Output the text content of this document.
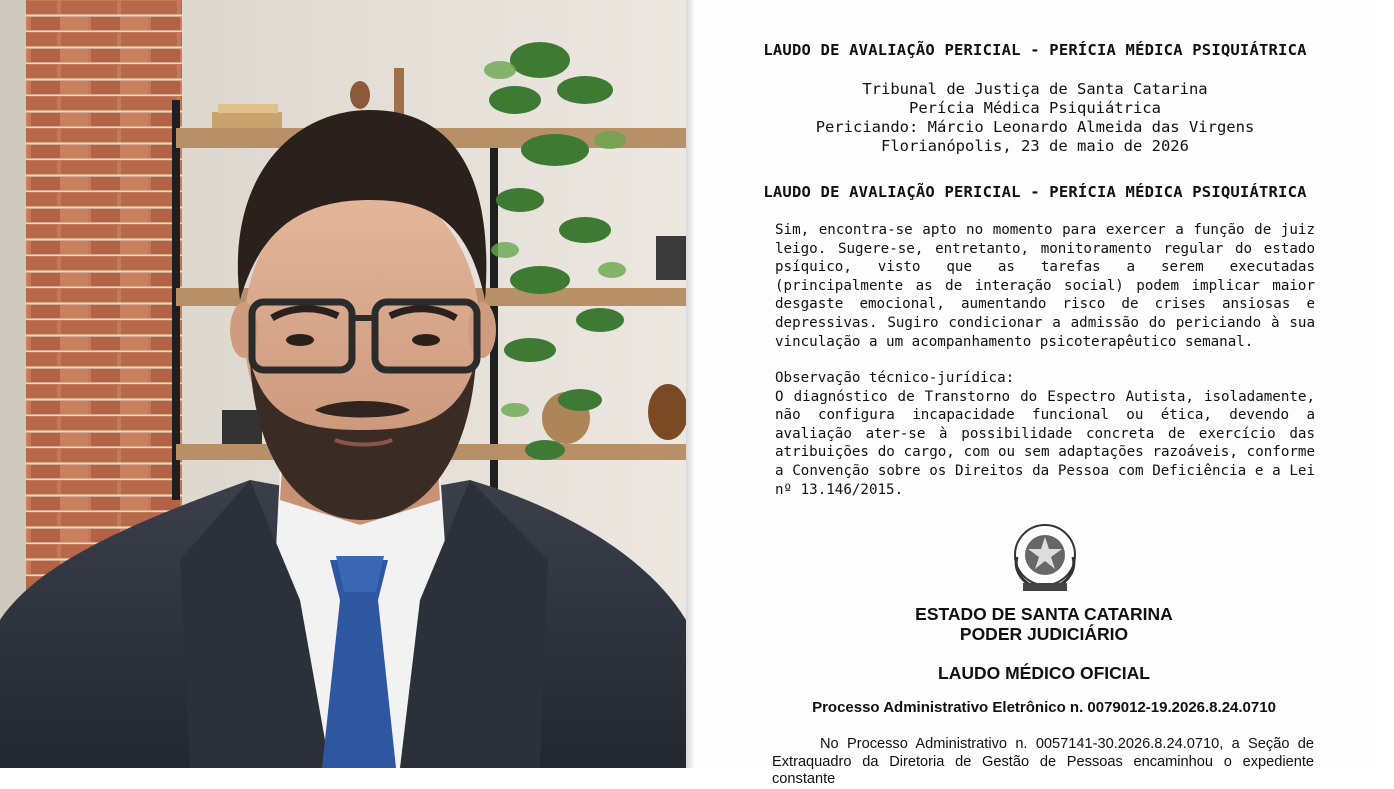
LAUDO DE AVALIAÇÃO PERICIAL - PERÍCIA MÉDICA PSIQUIÁTRICA
Tribunal de Justiça de Santa Catarina
Perícia Médica Psiquiátrica
Periciando: Márcio Leonardo Almeida das Virgens
Florianópolis, 23 de maio de 2026
LAUDO DE AVALIAÇÃO PERICIAL - PERÍCIA MÉDICA PSIQUIÁTRICA
Sim, encontra-se apto no momento para exercer a função de juiz leigo. Sugere-se, entretanto, monitoramento regular do estado psíquico, visto que as tarefas a serem executadas (principalmente as de interação social) podem implicar maior desgaste emocional, aumentando risco de crises ansiosas e depressivas. Sugiro condicionar a admissão do periciando à sua vinculação a um acompanhamento psicoterapêutico semanal.
Observação técnico-jurídica:
O diagnóstico de Transtorno do Espectro Autista, isoladamente, não configura incapacidade funcional ou ética, devendo a avaliação ater-se à possibilidade concreta de exercício das atribuições do cargo, com ou sem adaptações razoáveis, conforme a Convenção sobre os Direitos da Pessoa com Deficiência e a Lei nº 13.146/2015.
ESTADO DE SANTA CATARINA
PODER JUDICIÁRIO
LAUDO MÉDICO OFICIAL
Processo Administrativo Eletrônico n. 0079012-19.2026.8.24.0710
No Processo Administrativo n. 0057141-30.2026.8.24.0710, a Seção de Extraquadro da Diretoria de Gestão de Pessoas encaminhou o expediente constante
